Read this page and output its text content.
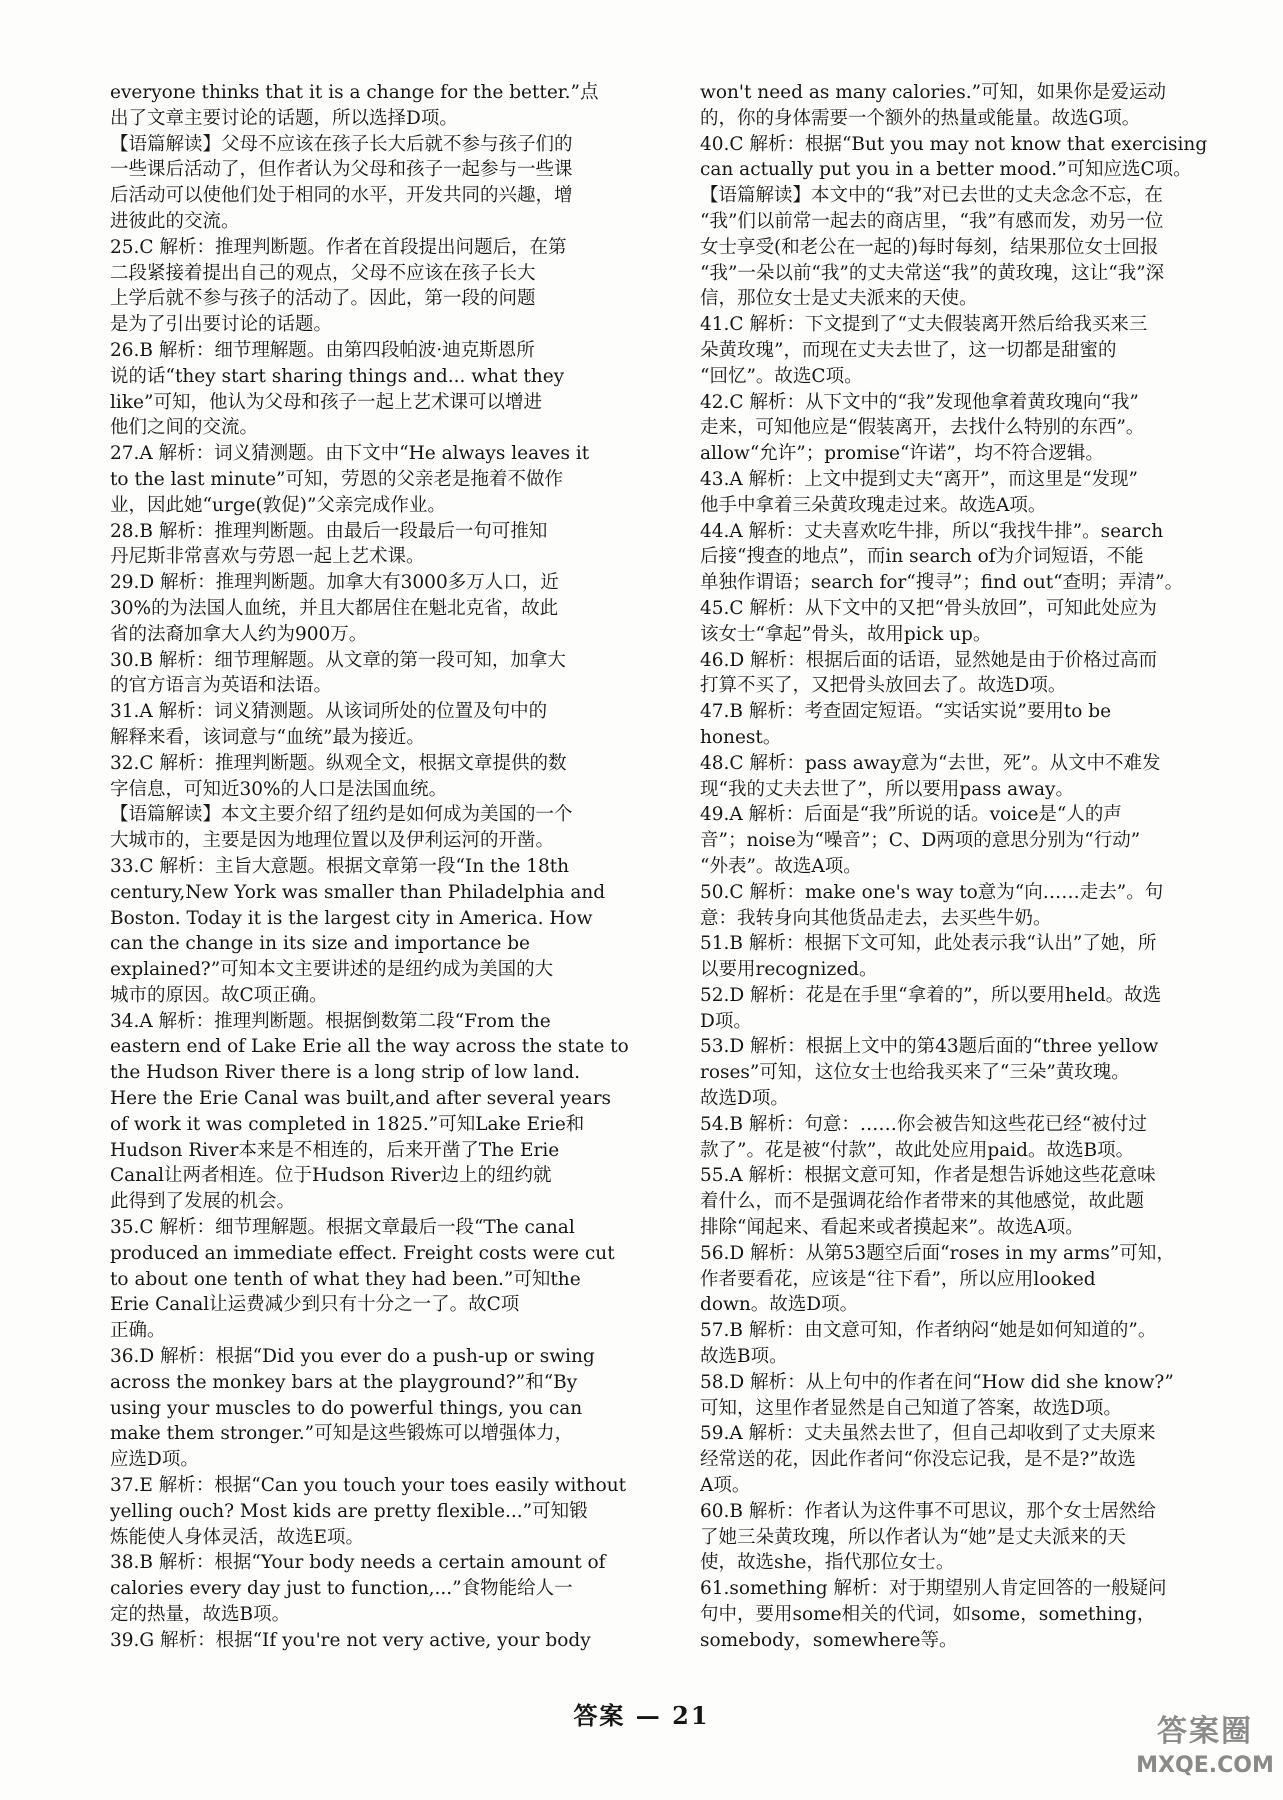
everyone thinks that it is a change for the better.”点
出了文章主要讨论的话题，所以选择D项。
【语篇解读】父母不应该在孩子长大后就不参与孩子们的
一些课后活动了，但作者认为父母和孩子一起参与一些课
后活动可以使他们处于相同的水平，开发共同的兴趣，增
进彼此的交流。
25.C 解析：推理判断题。作者在首段提出问题后，在第
二段紧接着提出自己的观点，父母不应该在孩子长大
上学后就不参与孩子的活动了。因此，第一段的问题
是为了引出要讨论的话题。
26.B 解析：细节理解题。由第四段帕波·迪克斯恩所
说的话“they start sharing things and... what they
like”可知，他认为父母和孩子一起上艺术课可以增进
他们之间的交流。
27.A 解析：词义猜测题。由下文中“He always leaves it
to the last minute”可知，劳恩的父亲老是拖着不做作
业，因此她“urge(敦促)”父亲完成作业。
28.B 解析：推理判断题。由最后一段最后一句可推知
丹尼斯非常喜欢与劳恩一起上艺术课。
29.D 解析：推理判断题。加拿大有3000多万人口，近
30%的为法国人血统，并且大都居住在魁北克省，故此
省的法裔加拿大人约为900万。
30.B 解析：细节理解题。从文章的第一段可知，加拿大
的官方语言为英语和法语。
31.A 解析：词义猜测题。从该词所处的位置及句中的
解释来看，该词意与“血统”最为接近。
32.C 解析：推理判断题。纵观全文，根据文章提供的数
字信息，可知近30%的人口是法国血统。
【语篇解读】本文主要介绍了纽约是如何成为美国的一个
大城市的，主要是因为地理位置以及伊利运河的开凿。
33.C 解析：主旨大意题。根据文章第一段“In the 18th
century,New York was smaller than Philadelphia and
Boston. Today it is the largest city in America. How
can the change in its size and importance be
explained?”可知本文主要讲述的是纽约成为美国的大
城市的原因。故C项正确。
34.A 解析：推理判断题。根据倒数第二段“From the
eastern end of Lake Erie all the way across the state to
the Hudson River there is a long strip of low land.
Here the Erie Canal was built,and after several years
of work it was completed in 1825.”可知Lake Erie和
Hudson River本来是不相连的，后来开凿了The Erie
Canal让两者相连。位于Hudson River边上的纽约就
此得到了发展的机会。
35.C 解析：细节理解题。根据文章最后一段“The canal
produced an immediate effect. Freight costs were cut
to about one tenth of what they had been.”可知the
Erie Canal让运费减少到只有十分之一了。故C项
正确。
36.D 解析：根据“Did you ever do a push-up or swing
across the monkey bars at the playground?”和“By
using your muscles to do powerful things, you can
make them stronger.”可知是这些锻炼可以增强体力，
应选D项。
37.E 解析：根据“Can you touch your toes easily without
yelling ouch? Most kids are pretty flexible...”可知锻
炼能使人身体灵活，故选E项。
38.B 解析：根据“Your body needs a certain amount of
calories every day just to function,...”食物能给人一
定的热量，故选B项。
39.G 解析：根据“If you're not very active, your body
won't need as many calories.”可知，如果你是爱运动
的，你的身体需要一个额外的热量或能量。故选G项。
40.C 解析：根据“But you may not know that exercising
can actually put you in a better mood.”可知应选C项。
【语篇解读】本文中的“我”对已去世的丈夫念念不忘，在
“我”们以前常一起去的商店里，“我”有感而发，劝另一位
女士享受(和老公在一起的)每时每刻，结果那位女士回报
“我”一朵以前“我”的丈夫常送“我”的黄玫瑰，这让“我”深
信，那位女士是丈夫派来的天使。
41.C 解析：下文提到了“丈夫假装离开然后给我买来三
朵黄玫瑰”，而现在丈夫去世了，这一切都是甜蜜的
“回忆”。故选C项。
42.C 解析：从下文中的“我”发现他拿着黄玫瑰向“我”
走来，可知他应是“假装离开，去找什么特别的东西”。
allow“允许”；promise“许诺”，均不符合逻辑。
43.A 解析：上文中提到丈夫“离开”，而这里是“发现”
他手中拿着三朵黄玫瑰走过来。故选A项。
44.A 解析：丈夫喜欢吃牛排，所以“我找牛排”。search
后接“搜查的地点”，而in search of为介词短语，不能
单独作谓语；search for“搜寻”；find out“查明；弄清”。
45.C 解析：从下文中的又把“骨头放回”，可知此处应为
该女士“拿起”骨头，故用pick up。
46.D 解析：根据后面的话语，显然她是由于价格过高而
打算不买了，又把骨头放回去了。故选D项。
47.B 解析：考查固定短语。“实话实说”要用to be
honest。
48.C 解析：pass away意为“去世，死”。从文中不难发
现“我的丈夫去世了”，所以要用pass away。
49.A 解析：后面是“我”所说的话。voice是“人的声
音”；noise为“噪音”；C、D两项的意思分别为“行动”
“外表”。故选A项。
50.C 解析：make one's way to意为“向……走去”。句
意：我转身向其他货品走去，去买些牛奶。
51.B 解析：根据下文可知，此处表示我“认出”了她，所
以要用recognized。
52.D 解析：花是在手里“拿着的”，所以要用held。故选
D项。
53.D 解析：根据上文中的第43题后面的“three yellow
roses”可知，这位女士也给我买来了“三朵”黄玫瑰。
故选D项。
54.B 解析：句意：……你会被告知这些花已经“被付过
款了”。花是被“付款”，故此处应用paid。故选B项。
55.A 解析：根据文意可知，作者是想告诉她这些花意味
着什么，而不是强调花给作者带来的其他感觉，故此题
排除“闻起来、看起来或者摸起来”。故选A项。
56.D 解析：从第53题空后面“roses in my arms”可知，
作者要看花，应该是“往下看”，所以应用looked
down。故选D项。
57.B 解析：由文意可知，作者纳闷“她是如何知道的”。
故选B项。
58.D 解析：从上句中的作者在问“How did she know?”
可知，这里作者显然是自己知道了答案，故选D项。
59.A 解析：丈夫虽然去世了，但自己却收到了丈夫原来
经常送的花，因此作者问“你没忘记我，是不是?”故选
A项。
60.B 解析：作者认为这件事不可思议，那个女士居然给
了她三朵黄玫瑰，所以作者认为“她”是丈夫派来的天
使，故选she，指代那位女士。
61.something 解析：对于期望别人肯定回答的一般疑问
句中，要用some相关的代词，如some，something，
somebody，somewhere等。
答案 — 21	答案圈
MXQE.COM
